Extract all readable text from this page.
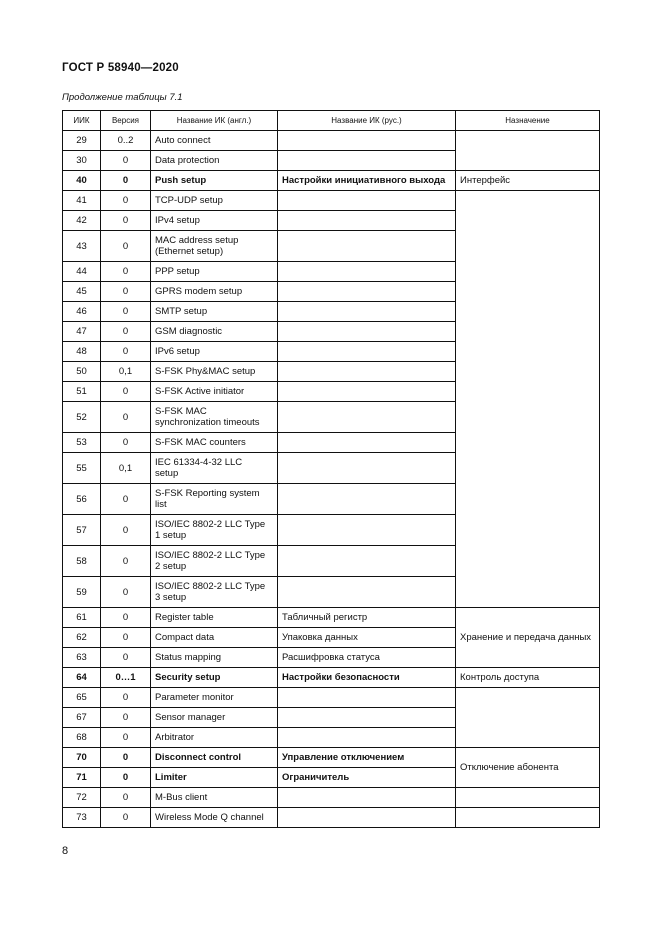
ГОСТ Р 58940—2020
Продолжение таблицы 7.1
ИИК	Версия	Название ИК (англ.)	Название ИК (рус.)	Назначение
29	0..2	Auto connect		
30	0	Data protection		
40	0	Push setup	Настройки инициативного выхода	Интерфейс
41	0	TCP-UDP setup		
42	0	IPv4 setup		
43	0	MAC address setup
(Ethernet setup)		
44	0	PPP setup		
45	0	GPRS modem setup		
46	0	SMTP setup		
47	0	GSM diagnostic		
48	0	IPv6 setup		
50	0,1	S-FSK Phy&MAC setup		
51	0	S-FSK Active initiator		
52	0	S-FSK MAC
synchronization timeouts		
53	0	S-FSK MAC counters		
55	0,1	IEC 61334-4-32 LLC
setup		
56	0	S-FSK Reporting system
list		
57	0	ISO/IEC 8802-2 LLC Type
1 setup		
58	0	ISO/IEC 8802-2 LLC Type
2 setup		
59	0	ISO/IEC 8802-2 LLC Type
3 setup		
61	0	Register table	Табличный регистр	Хранение и передача данных
62	0	Compact data	Упаковка данных	
63	0	Status mapping	Расшифровка статуса	
64	0…1	Security setup	Настройки безопасности	Контроль доступа
65	0	Parameter monitor		
67	0	Sensor manager		
68	0	Arbitrator		
70	0	Disconnect control	Управление отключением	Отключение абонента
71	0	Limiter	Ограничитель	
72	0	M-Bus client		
73	0	Wireless Mode Q channel		
8
